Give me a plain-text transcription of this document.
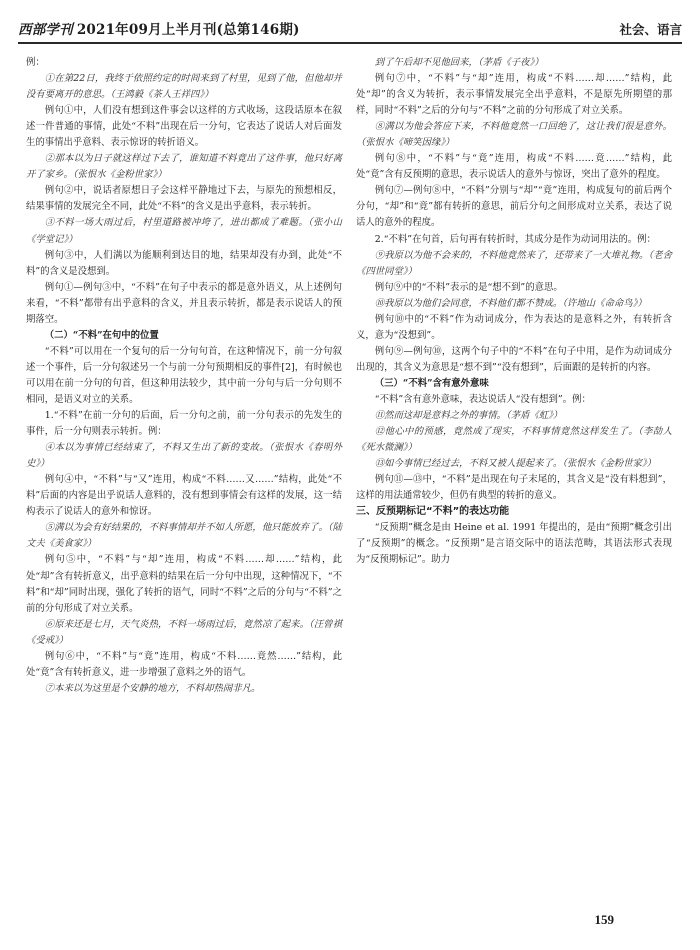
西部学刊 2021年09月上半月刊(总第146期)	社会、语言

例：

①在第22日，我终于依照约定的时间来到了村里，见到了他，但他却并没有要离开的意思。（王鸿毅《茶人王祥四》）

例句①中，人们没有想到这件事会以这样的方式收场，这段话原本在叙述一件普通的事情，此处“不料”出现在后一分句，它表达了说话人对后面发生的事情出乎意料、表示惊讶的转折语义。

②那本以为日子就这样过下去了，谁知道不料竟出了这件事，他只好离开了家乡。（张恨水《金粉世家》）

例句②中，说话者原想日子会这样平静地过下去，与原先的预想相反，结果事情的发展完全不同，此处“不料”的含义是出乎意料，表示转折。

③不料一场大雨过后，村里道路被冲垮了，进出都成了难题。（张小山《学堂记》）

例句③中，人们满以为能顺利到达目的地，结果却没有办到，此处“不料”的含义是没想到。

例句①—例句③中，“不料”在句子中表示的都是意外语义，从上述例句来看，“不料”都带有出乎意料的含义，并且表示转折，都是表示说话人的预期落空。

（二）“不料”在句中的位置

“不料”可以用在一个复句的后一分句句首，在这种情况下，前一分句叙述一个事件，后一分句叙述另一个与前一分句预期相反的事件[2]，有时候也可以用在前一分句的句首，但这种用法较少，其中前一分句与后一分句则不相同，是语义对立的关系。

1.“不料”在前一分句的后面，后一分句之前，前一分句表示的先发生的事件，后一分句则表示转折。例：

④本以为事情已经结束了，不料又生出了新的变故。（张恨水《春明外史》）

例句④中，“不料”与“又”连用，构成“不料……又……”结构，此处“不料”后面的内容是出乎说话人意料的，没有想到事情会有这样的发展，这一结构表示了说话人的意外和惊讶。

⑤满以为会有好结果的，不料事情却并不如人所愿，他只能放弃了。（陆文夫《美食家》）

例句⑤中，“不料”与“却”连用，构成“不料……却……”结构，此处“却”含有转折意义，出乎意料的结果在后一分句中出现，这种情况下，“不料”和“却”同时出现，强化了转折的语气，同时“不料”之后的分句与“不料”之前的分句形成了对立关系。

⑥原来还是七月，天气炎热，不料一场雨过后，竟然凉了起来。（汪曾祺《受戒》）

例句⑥中，“不料”与“竟”连用，构成“不料……竟然……”结构，此处“竟”含有转折意义，进一步增强了意料之外的语气。

⑦本来以为这里是个安静的地方，不料却热闹非凡。

到了午后却不见他回来，（茅盾《子夜》）

例句⑦中，“不料”与“却”连用，构成“不料……却……”结构，此处“却”的含义为转折，表示事情发展完全出乎意料，不是原先所期望的那样，同时“不料”之后的分句与“不料”之前的分句形成了对立关系。

⑧满以为他会答应下来，不料他竟然一口回绝了，这让我们很是意外。（张恨水《啼笑因缘》）

例句⑧中，“不料”与“竟”连用，构成“不料……竟……”结构，此处“竟”含有反预期的意思，表示说话人的意外与惊讶，突出了意外的程度。

例句⑦—例句⑧中，“不料”分别与“却”“竟”连用，构成复句的前后两个分句，“却”和“竟”都有转折的意思，前后分句之间形成对立关系，表达了说话人的意外的程度。

2.“不料”在句首，后句再有转折时，其成分是作为动词用法的。例：

⑨我原以为他不会来的，不料他竟然来了，还带来了一大堆礼物。（老舍《四世同堂》）

例句⑨中的“不料”表示的是“想不到”的意思。

⑩我原以为他们会同意，不料他们都不赞成。（许地山《命命鸟》）

例句⑩中的“不料”作为动词成分，作为表达的是意料之外，有转折含义，意为“没想到”。

例句⑨—例句⑩，这两个句子中的“不料”在句子中用，是作为动词成分出现的，其含义为意思是“想不到”“没有想到”，后面跟的是转折的内容。

（三）“不料”含有意外意味

“不料”含有意外意味，表达说话人“没有想到”。例：

⑪然而这却是意料之外的事情。（茅盾《虹》）

⑫他心中的预感，竟然成了现实，不料事情竟然这样发生了。（李劼人《死水微澜》）

⑬如今事情已经过去，不料又被人提起来了。（张恨水《金粉世家》）

例句⑪—⑬中，“不料”是出现在句子末尾的，其含义是“没有料想到”，这样的用法通常较少，但仍有典型的转折的意义。

三、反预期标记“不料”的表达功能

“反预期”概念是由 Heine et al. 1991 年提出的，是由“预期”概念引出了“反预期”的概念。“反预期”是言语交际中的语法范畴，其语法形式表现为“反预期标记”。助力

159
